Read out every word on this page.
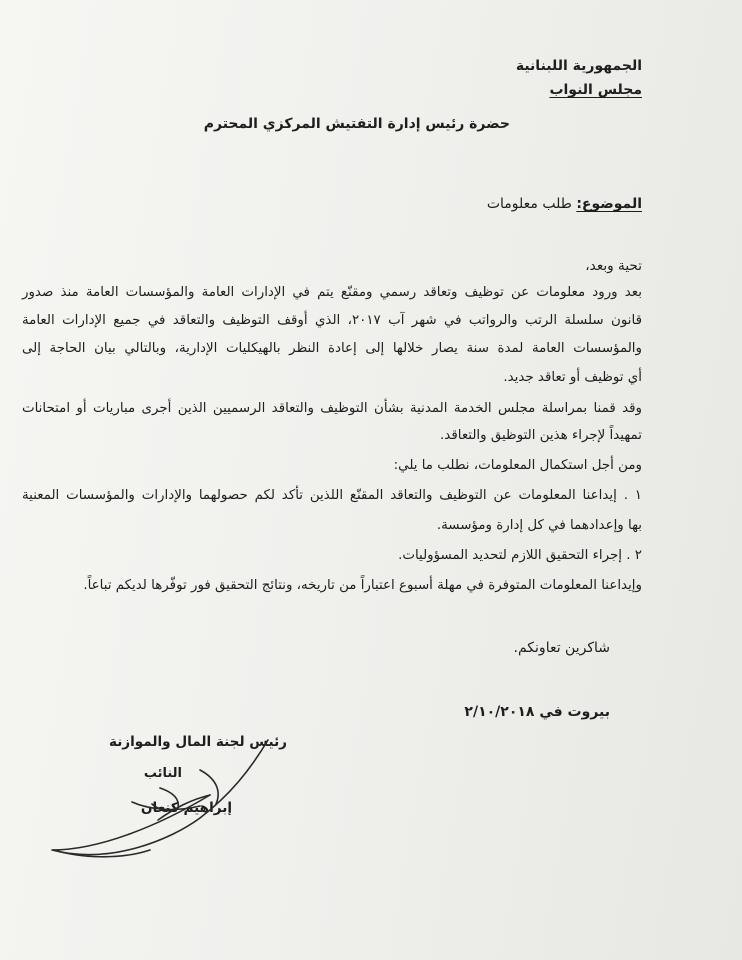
الجمهورية اللبنانية
مجلس النواب
حضرة رئيس إدارة التفتيش المركزي المحترم
الموضوع: طلب معلومات
تحية وبعد،
بعد ورود معلومات عن توظيف وتعاقد رسمي ومقنّع يتم في الإدارات العامة والمؤسسات العامة منذ صدور
قانون سلسلة الرتب والرواتب في شهر آب ٢٠١٧، الذي أوقف التوظيف والتعاقد في جميع الإدارات العامة
والمؤسسات العامة لمدة سنة يصار خلالها إلى إعادة النظر بالهيكليات الإدارية، وبالتالي بيان الحاجة إلى
أي توظيف أو تعاقد جديد.
وقد قمنا بمراسلة مجلس الخدمة المدنية بشأن التوظيف والتعاقد الرسميين الذين أجرى مباريات أو امتحانات
تمهيداً لإجراء هذين التوظيق والتعاقد.
ومن أجل استكمال المعلومات، نطلب ما يلي:
١ . إيداعنا المعلومات عن التوظيف والتعاقد المقنّع اللذين تأكد لكم حصولهما والإدارات والمؤسسات المعنية
بها وإعدادهما في كل إدارة ومؤسسة.
٢ . إجراء التحقيق اللازم لتحديد المسؤوليات.
وإيداعنا المعلومات المتوفرة في مهلة أسبوع اعتباراً من تاريخه، ونتائج التحقيق فور توفّرها لديكم تباعاً.
شاكرين تعاونكم.
بيروت في ٢/١٠/٢٠١٨
رئيس لجنة المال والموازنة
النائب
إبراهيم كنعان
